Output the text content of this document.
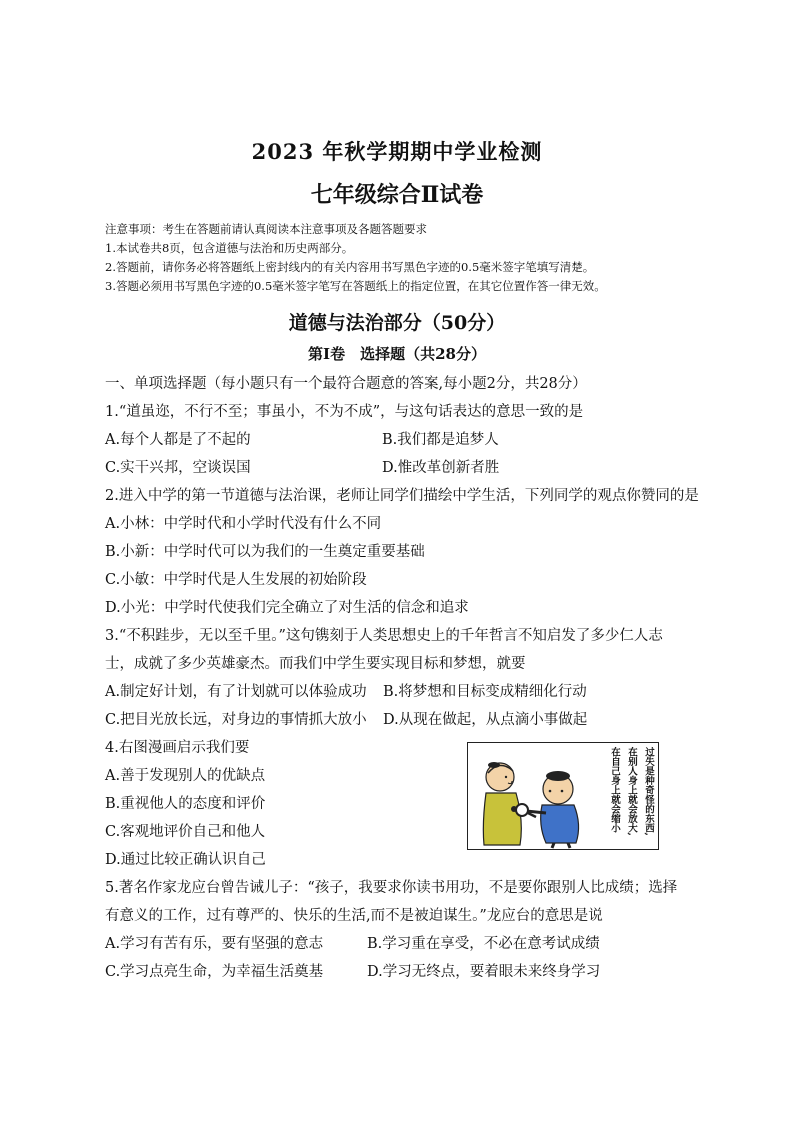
2023 年秋学期期中学业检测
七年级综合Ⅱ试卷
注意事项：考生在答题前请认真阅读本注意事项及各题答题要求
1.本试卷共8页，包含道德与法治和历史两部分。
2.答题前，请你务必将答题纸上密封线内的有关内容用书写黑色字迹的0.5毫米签字笔填写清楚。
3.答题必须用书写黑色字迹的0.5毫米签字笔写在答题纸上的指定位置，在其它位置作答一律无效。
道德与法治部分（50分）
第Ⅰ卷　选择题（共28分）
一、单项选择题（每小题只有一个最符合题意的答案,每小题2分，共28分）
1.“道虽迩，不行不至；事虽小，不为不成”，与这句话表达的意思一致的是
A.每个人都是了不起的	B.我们都是追梦人
C.实干兴邦，空谈误国	D.惟改革创新者胜
2.进入中学的第一节道德与法治课，老师让同学们描绘中学生活，下列同学的观点你赞同的是
A.小林：中学时代和小学时代没有什么不同
B.小新：中学时代可以为我们的一生奠定重要基础
C.小敏：中学时代是人生发展的初始阶段
D.小光：中学时代使我们完全确立了对生活的信念和追求
3.“不积跬步，无以至千里。”这句镌刻于人类思想史上的千年哲言不知启发了多少仁人志
士，成就了多少英雄豪杰。而我们中学生要实现目标和梦想，就要
A.制定好计划，有了计划就可以体验成功 B.将梦想和目标变成精细化行动
C.把目光放长远，对身边的事情抓大放小 D.从现在做起，从点滴小事做起
4.右图漫画启示我们要
A.善于发现别人的优缺点
B.重视他人的态度和评价
C.客观地评价自己和他人
D.通过比较正确认识自己
过失是种奇怪的东西,
在别人身上就会放大,
在自己身上就会缩小
5.著名作家龙应台曾告诫儿子：“孩子，我要求你读书用功，不是要你跟别人比成绩；选择
有意义的工作，过有尊严的、快乐的生活,而不是被迫谋生。”龙应台的意思是说
A.学习有苦有乐，要有坚强的意志	B.学习重在享受，不必在意考试成绩
C.学习点亮生命，为幸福生活奠基	D.学习无终点，要着眼未来终身学习
